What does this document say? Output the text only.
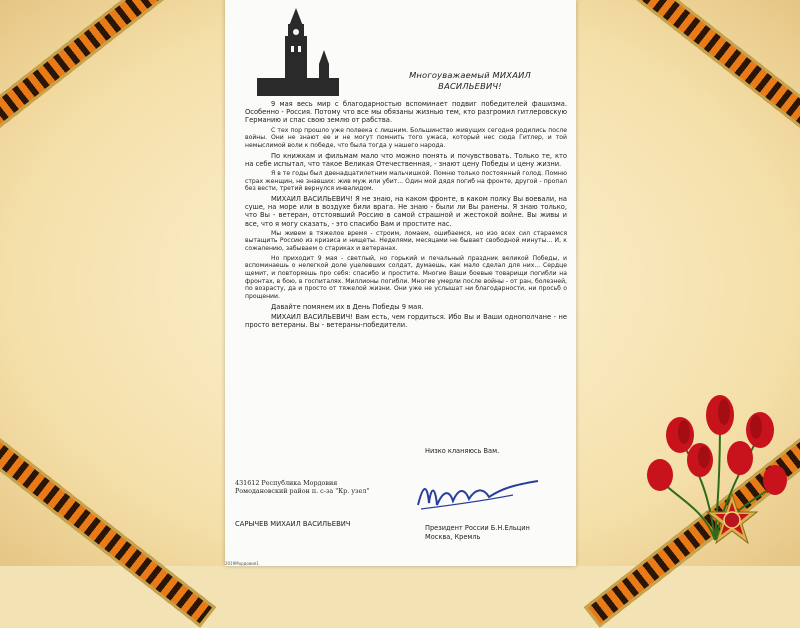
Многоуважаемый МИХАИЛ
ВАСИЛЬЕВИЧ!

9 мая весь мир с благодарностью вспоминает подвиг победителей фашизма. Особенно - Россия. Потому что все мы обязаны жизнью тем, кто разгромил гитлеровскую Германию и спас свою землю от рабства.

С тех пор прошло уже полвека с лишним. Большинство живущих сегодня родились после войны. Они не знают ее и не могут помнить того ужаса, который нес сюда Гитлер, и той немыслимой воли к победе, что была тогда у нашего народа.

По книжкам и фильмам мало что можно понять и почувствовать. Только те, кто на себе испытал, что такое Великая Отечественная, - знают цену Победы и цену жизни.

Я в те годы был двенадцатилетним мальчишкой. Помню только постоянный голод. Помню страх женщин, не знавших: жив муж или убит... Один мой дядя погиб на фронте, другой - пропал без вести, третий вернулся инвалидом.

МИХАИЛ ВАСИЛЬЕВИЧ! Я не знаю, на каком фронте, в каком полку Вы воевали, на суше, на море или в воздухе били врага. Не знаю - были ли Вы ранены. Я знаю только, что Вы - ветеран, отстоявший Россию в самой страшной и жестокой войне. Вы живы и все, что я могу сказать, - это спасибо Вам и простите нас.

Мы живем в тяжелое время - строим, ломаем, ошибаемся, но изо всех сил стараемся вытащить Россию из кризиса и нищеты. Неделями, месяцами не бывает свободной минуты... И, к сожалению, забываем о стариках и ветеранах.

Но приходит 9 мая - светлый, но горький и печальный праздник великой Победы, и вспоминаешь о нелегкой доле уцелевших солдат, думаешь, как мало сделал для них... Сердце щемит, и повторяешь про себя: спасибо и простите. Многие Ваши боевые товарищи погибли на фронтах, в бою, в госпиталях. Миллионы погибли. Многие умерли после войны - от ран, болезней, по возрасту, да и просто от тяжелой жизни. Они уже не услышат ни благодарности, ни просьб о прощении.

Давайте помянем их в День Победы 9 мая.

МИХАИЛ ВАСИЛЬЕВИЧ! Вам есть, чем гордиться. Ибо Вы и Ваши однополчане - не просто ветераны. Вы - ветераны-победители.

Низко кланяюсь Вам.
431612 Республика Мордовия
Ромодановский район п. с-за "Кр. узел"
САРЫЧЕВ МИХАИЛ ВАСИЛЬЕВИЧ	Президент России Б.Н.Ельцин
Москва, Кремль
2019Мордовия1
